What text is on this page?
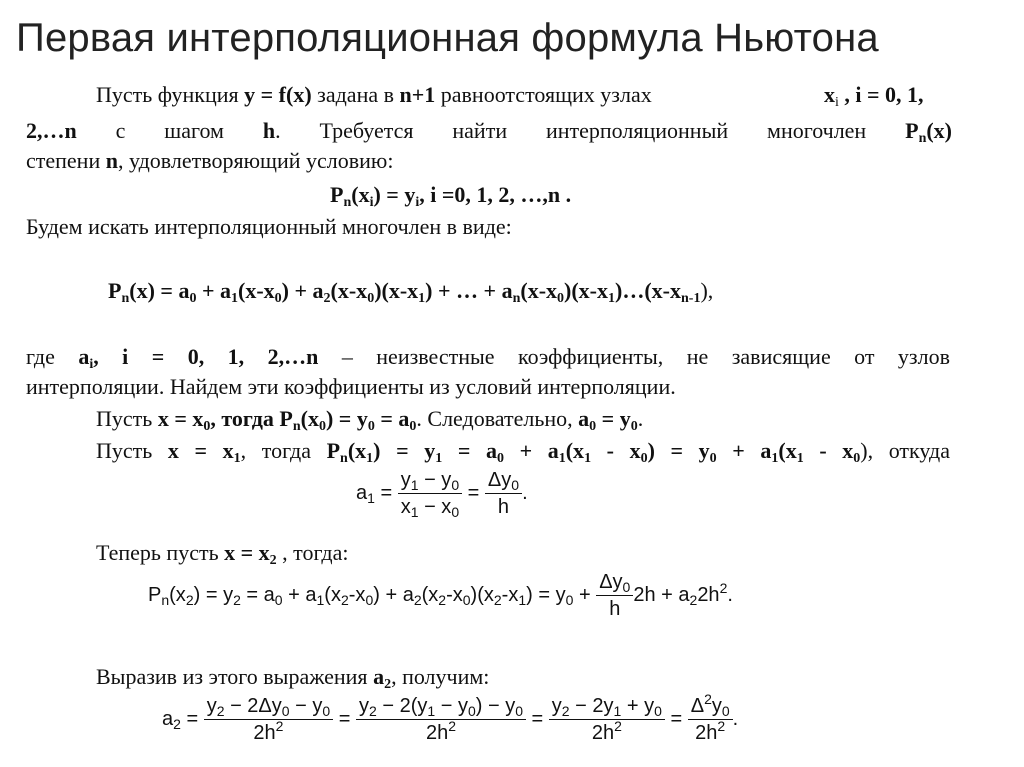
Первая интерполяционная формула Ньютона
Пусть функция y = f(x) задана в n+1 равноотстоящих узлах	$x_i$ , i = 0, 1,
2,…n с шагом h. Требуется найти интерполяционный многочлен $P_n(x)$
степени n, удовлетворяющий условию:
$P_n(x_i) = y_i$, i =0, 1, 2, …,n .
Будем искать интерполяционный многочлен в виде:
$P_n(x) = a_0 + a_1(x-x_0) + a_2(x-x_0)(x-x_1)$ + … + $a_n(x-x_0)(x-x_1)\dots(x-x_{n-1})$,
где $a_i$, i = 0, 1, 2,…n – неизвестные коэффициенты, не зависящие от узлов
интерполяции. Найдем эти коэффициенты из условий интерполяции.
Пусть $x = x_0$, тогда $P_n(x_0) = y_0 = a_0$. Следовательно, $a_0 = y_0$.
Пусть $x = x_1$, тогда $P_n(x_1) = y_1 = a_0 + a_1(x_1 - x_0) = y_0 + a_1(x_1 - x_0)$, откуда
$a_1 = \frac{y_1 - y_0}{x_1 - x_0} = \frac{\Delta y_0}{h}$ .
Теперь пусть $x = x_2$ , тогда:
$P_n(x_2) = y_2 = a_0 + a_1(x_2-x_0) + a_2(x_2-x_0)(x_2-x_1) = y_0 + \frac{\Delta y_0}{h} 2h + a_22h^2$.
Выразив из этого выражения $a_2$, получим:
$a_2 = \frac{y_2 - 2\Delta y_0 - y_0}{2h^2} = \frac{y_2 - 2(y_1 - y_0) - y_0}{2h^2} = \frac{y_2 - 2y_1 + y_0}{2h^2} = \frac{\Delta^2y_0}{2h^2}$ .
